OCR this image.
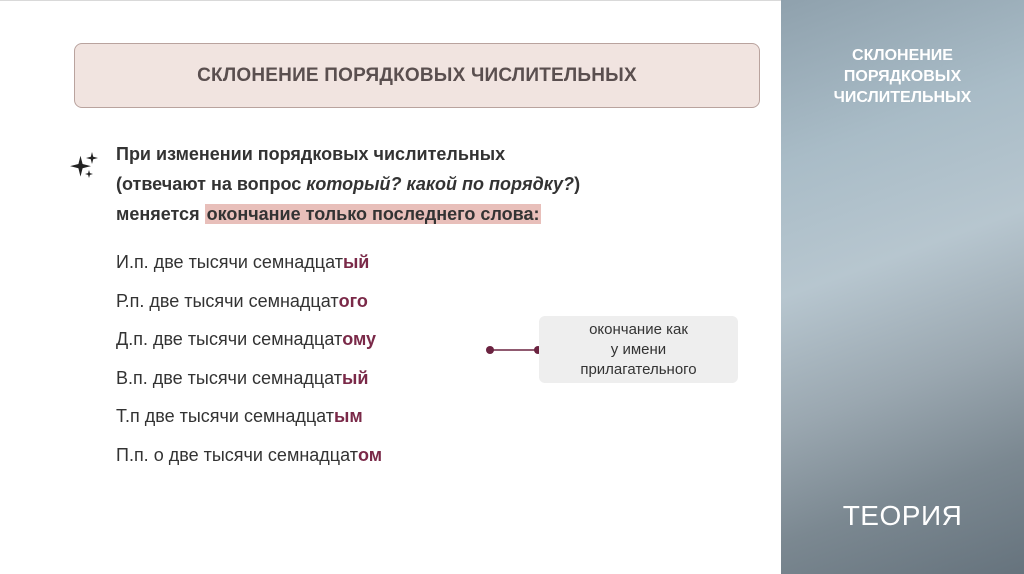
СКЛОНЕНИЕ ПОРЯДКОВЫХ ЧИСЛИТЕЛЬНЫХ
При изменении порядковых числительных
(отвечают на вопрос который? какой по порядку?)
меняется окончание только последнего слова:
И.п. две тысячи семнадцатый
Р.п. две тысячи семнадцатого
Д.п. две тысячи семнадцатому
В.п. две тысячи семнадцатый
Т.п две тысячи семнадцатым
П.п. о две тысячи семнадцатом
окончание как
у имени
прилагательного
СКЛОНЕНИЕ
ПОРЯДКОВЫХ
ЧИСЛИТЕЛЬНЫХ
ТЕОРИЯ
